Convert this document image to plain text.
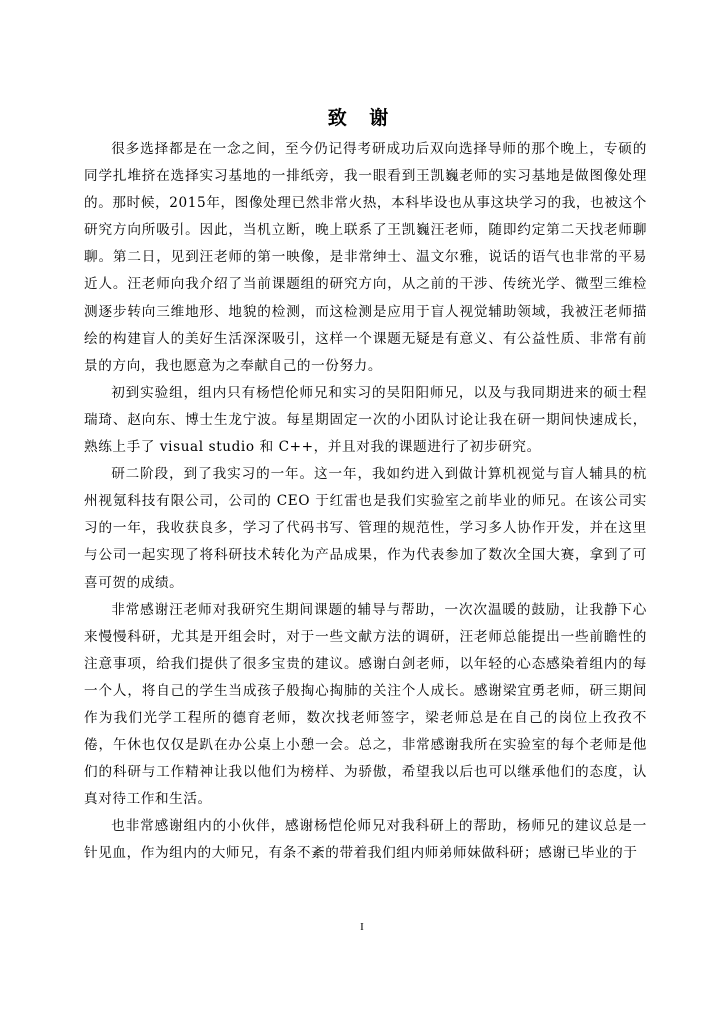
致 谢

很多选择都是在一念之间，至今仍记得考研成功后双向选择导师的那个晚上，专硕的同学扎堆挤在选择实习基地的一排纸旁，我一眼看到王凯巍老师的实习基地是做图像处理的。那时候，2015年，图像处理已然非常火热，本科毕设也从事这块学习的我，也被这个研究方向所吸引。因此，当机立断，晚上联系了王凯巍汪老师，随即约定第二天找老师聊聊。第二日，见到汪老师的第一映像，是非常绅士、温文尔雅，说话的语气也非常的平易近人。汪老师向我介绍了当前课题组的研究方向，从之前的干涉、传统光学、微型三维检测逐步转向三维地形、地貌的检测，而这检测是应用于盲人视觉辅助领域，我被汪老师描绘的构建盲人的美好生活深深吸引，这样一个课题无疑是有意义、有公益性质、非常有前景的方向，我也愿意为之奉献自己的一份努力。

初到实验组，组内只有杨恺伦师兄和实习的吴阳阳师兄，以及与我同期进来的硕士程瑞琦、赵向东、博士生龙宁波。每星期固定一次的小团队讨论让我在研一期间快速成长，熟练上手了 visual studio 和 C++，并且对我的课题进行了初步研究。

研二阶段，到了我实习的一年。这一年，我如约进入到做计算机视觉与盲人辅具的杭州视氪科技有限公司，公司的 CEO 于红雷也是我们实验室之前毕业的师兄。在该公司实习的一年，我收获良多，学习了代码书写、管理的规范性，学习多人协作开发，并在这里与公司一起实现了将科研技术转化为产品成果，作为代表参加了数次全国大赛，拿到了可喜可贺的成绩。

非常感谢汪老师对我研究生期间课题的辅导与帮助，一次次温暖的鼓励，让我静下心来慢慢科研，尤其是开组会时，对于一些文献方法的调研，汪老师总能提出一些前瞻性的注意事项，给我们提供了很多宝贵的建议。感谢白剑老师，以年轻的心态感染着组内的每一个人，将自己的学生当成孩子般掏心掏肺的关注个人成长。感谢梁宜勇老师，研三期间作为我们光学工程所的德育老师，数次找老师签字，梁老师总是在自己的岗位上孜孜不倦，午休也仅仅是趴在办公桌上小憩一会。总之，非常感谢我所在实验室的每个老师是他们的科研与工作精神让我以他们为榜样、为骄傲，希望我以后也可以继承他们的态度，认真对待工作和生活。

也非常感谢组内的小伙伴，感谢杨恺伦师兄对我科研上的帮助，杨师兄的建议总是一针见血，作为组内的大师兄，有条不紊的带着我们组内师弟师妹做科研；感谢已毕业的于

I
